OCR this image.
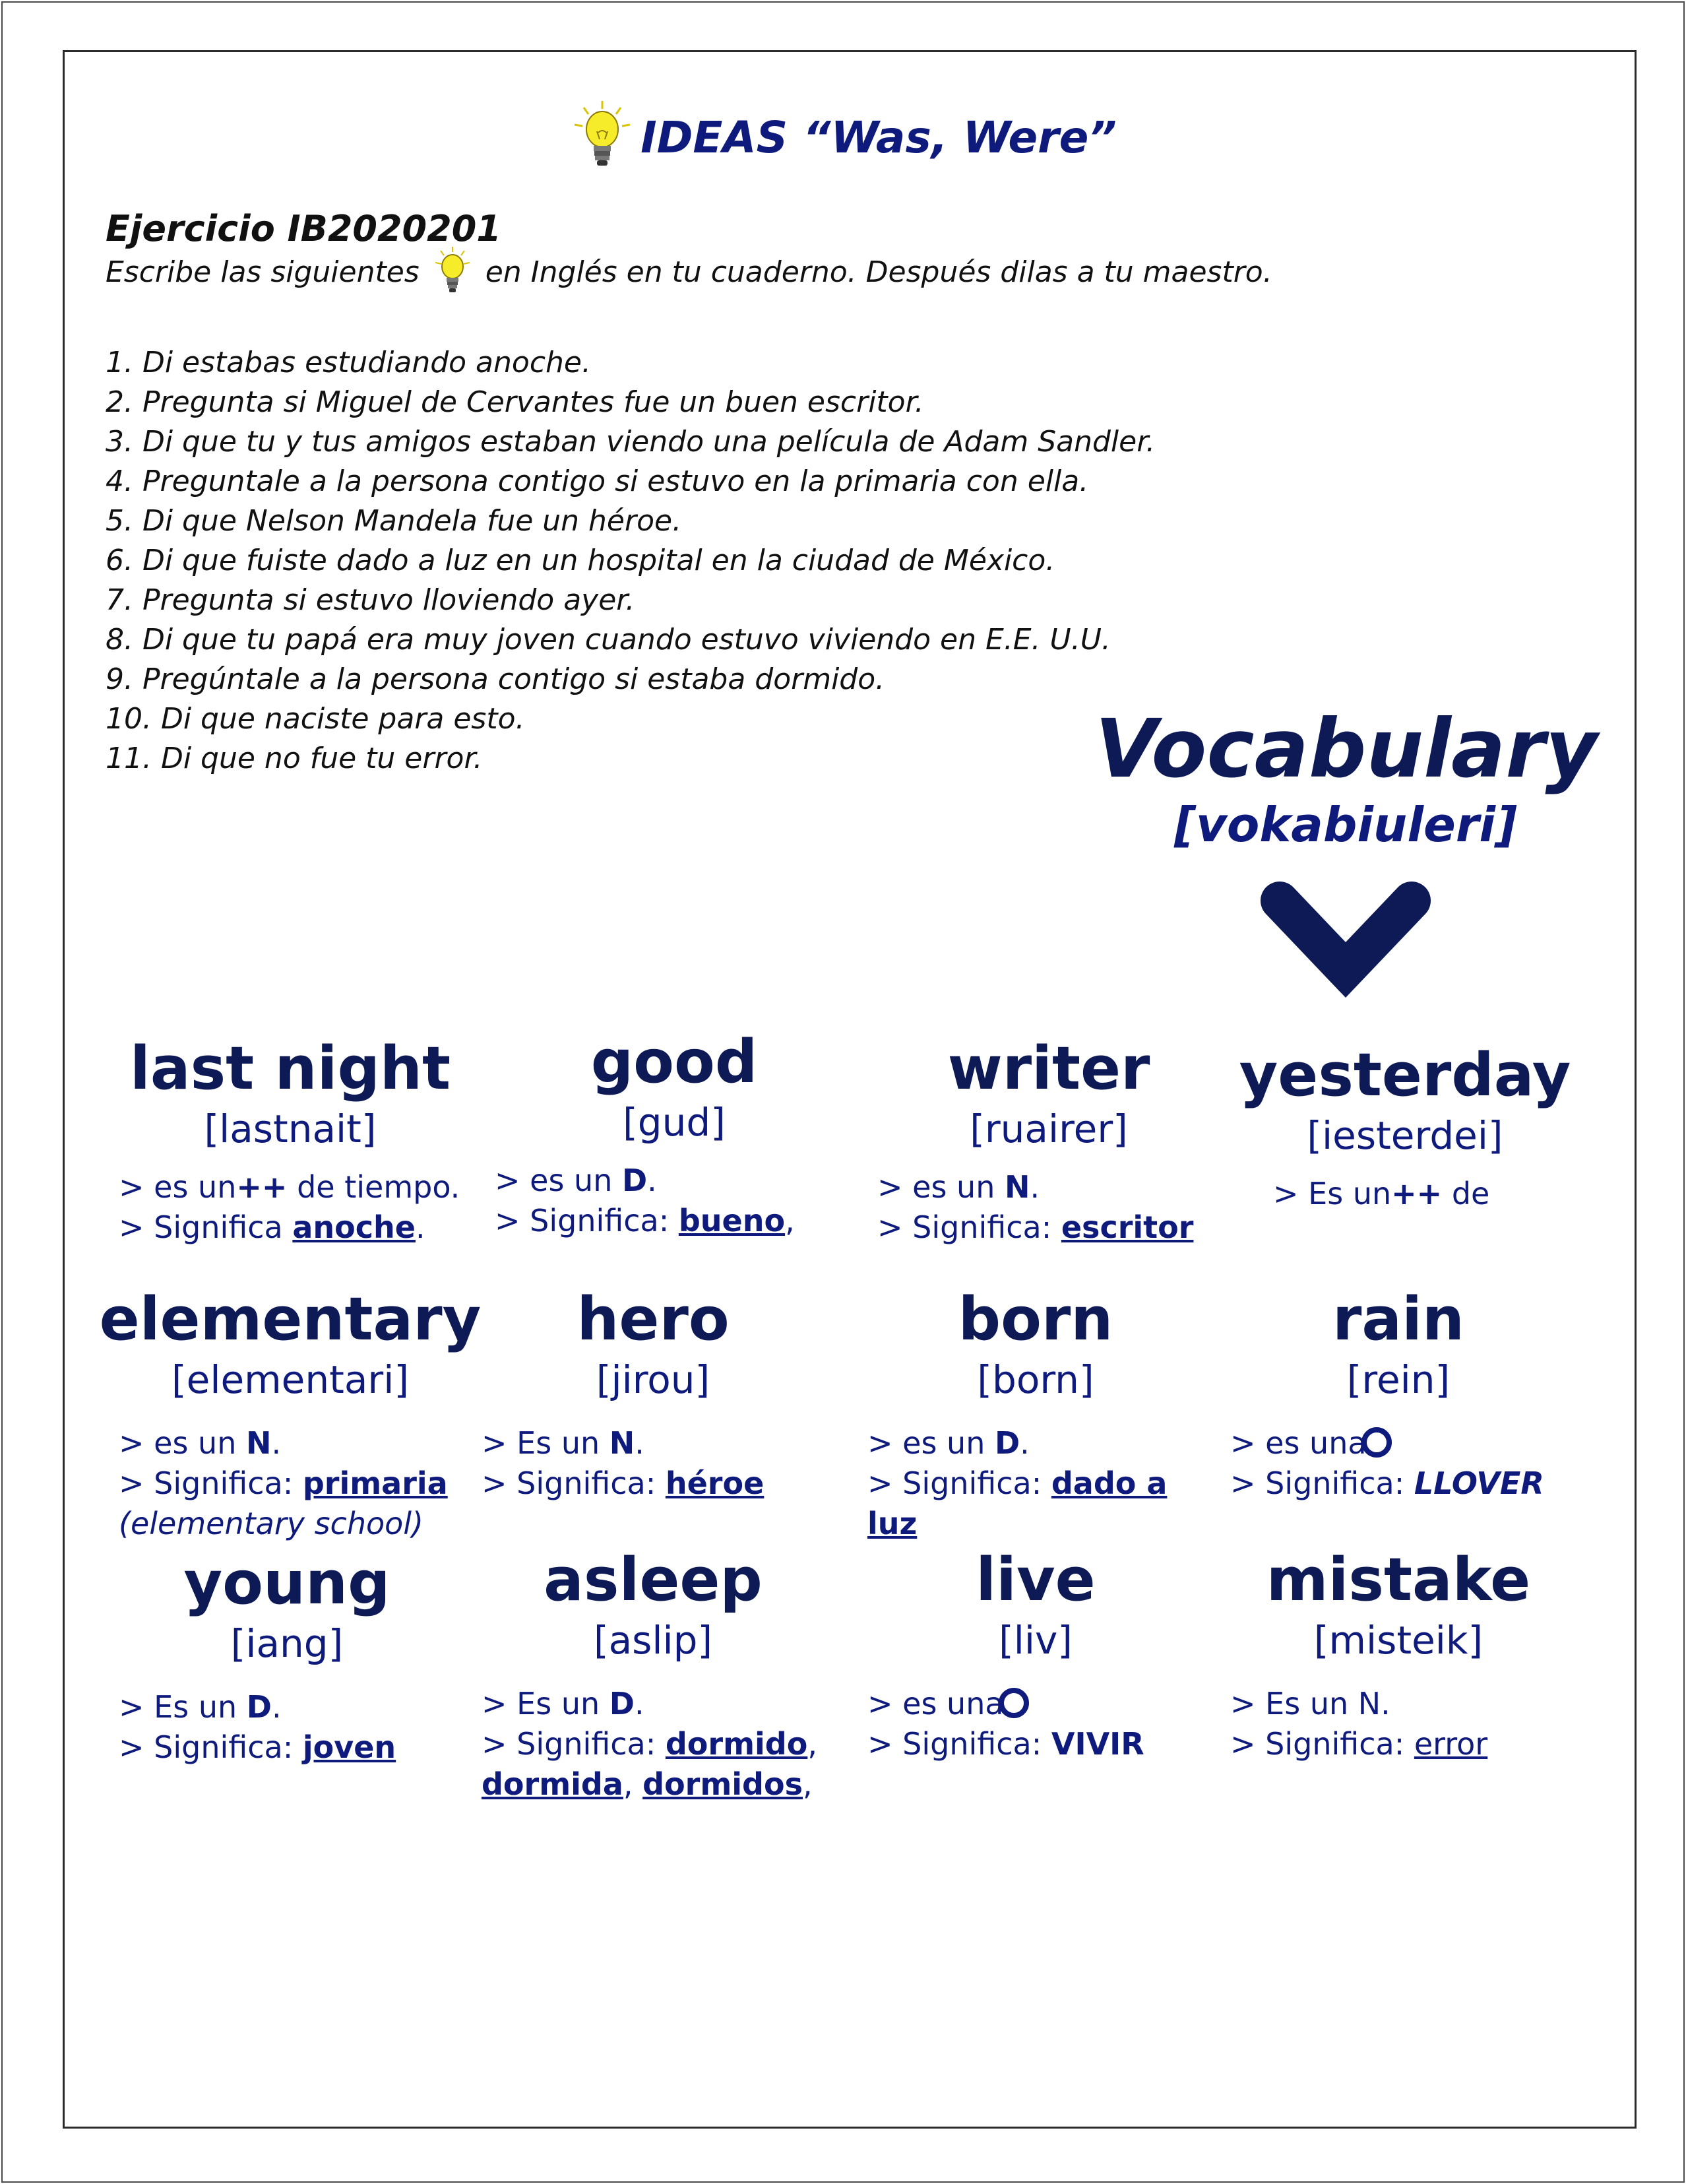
IDEAS “Was, Were”
Ejercicio IB2020201
Escribe las siguientes en Inglés en tu cuaderno. Después dilas a tu maestro.
1. Di estabas estudiando anoche.
2. Pregunta si Miguel de Cervantes fue un buen escritor.
3. Di que tu y tus amigos estaban viendo una película de Adam Sandler.
4. Preguntale a la persona contigo si estuvo en la primaria con ella.
5. Di que Nelson Mandela fue un héroe.
6. Di que fuiste dado a luz en un hospital en la ciudad de México.
7. Pregunta si estuvo lloviendo ayer.
8. Di que tu papá era muy joven cuando estuvo viviendo en E.E. U.U.
9. Pregúntale a la persona contigo si estaba dormido.
10. Di que naciste para esto.
11. Di que no fue tu error.	Vocabulary
[vokabiuleri]
last night
[lastnait]
> es un++ de tiempo.
> Significa anoche.
good
[gud]
> es un D.
> Significa: bueno,
writer
[ruairer]
> es un N.
> Significa: escritor
yesterday
[iesterdei]
> Es un++ de
elementary
[elementari]
> es un N.
> Significa: primaria
(elementary school)
hero
[jirou]
> Es un N.
> Significa: héroe
born
[born]
> es un D.
> Significa: dado a
luz
rain
[rein]
> es una
> Significa: LLOVER
young
[iang]
> Es un D.
> Significa: joven
asleep
[aslip]
> Es un D.
> Significa: dormido,
dormida, dormidos,
live
[liv]
> es una
> Significa: VIVIR
mistake
[misteik]
> Es un N.
> Significa: error
